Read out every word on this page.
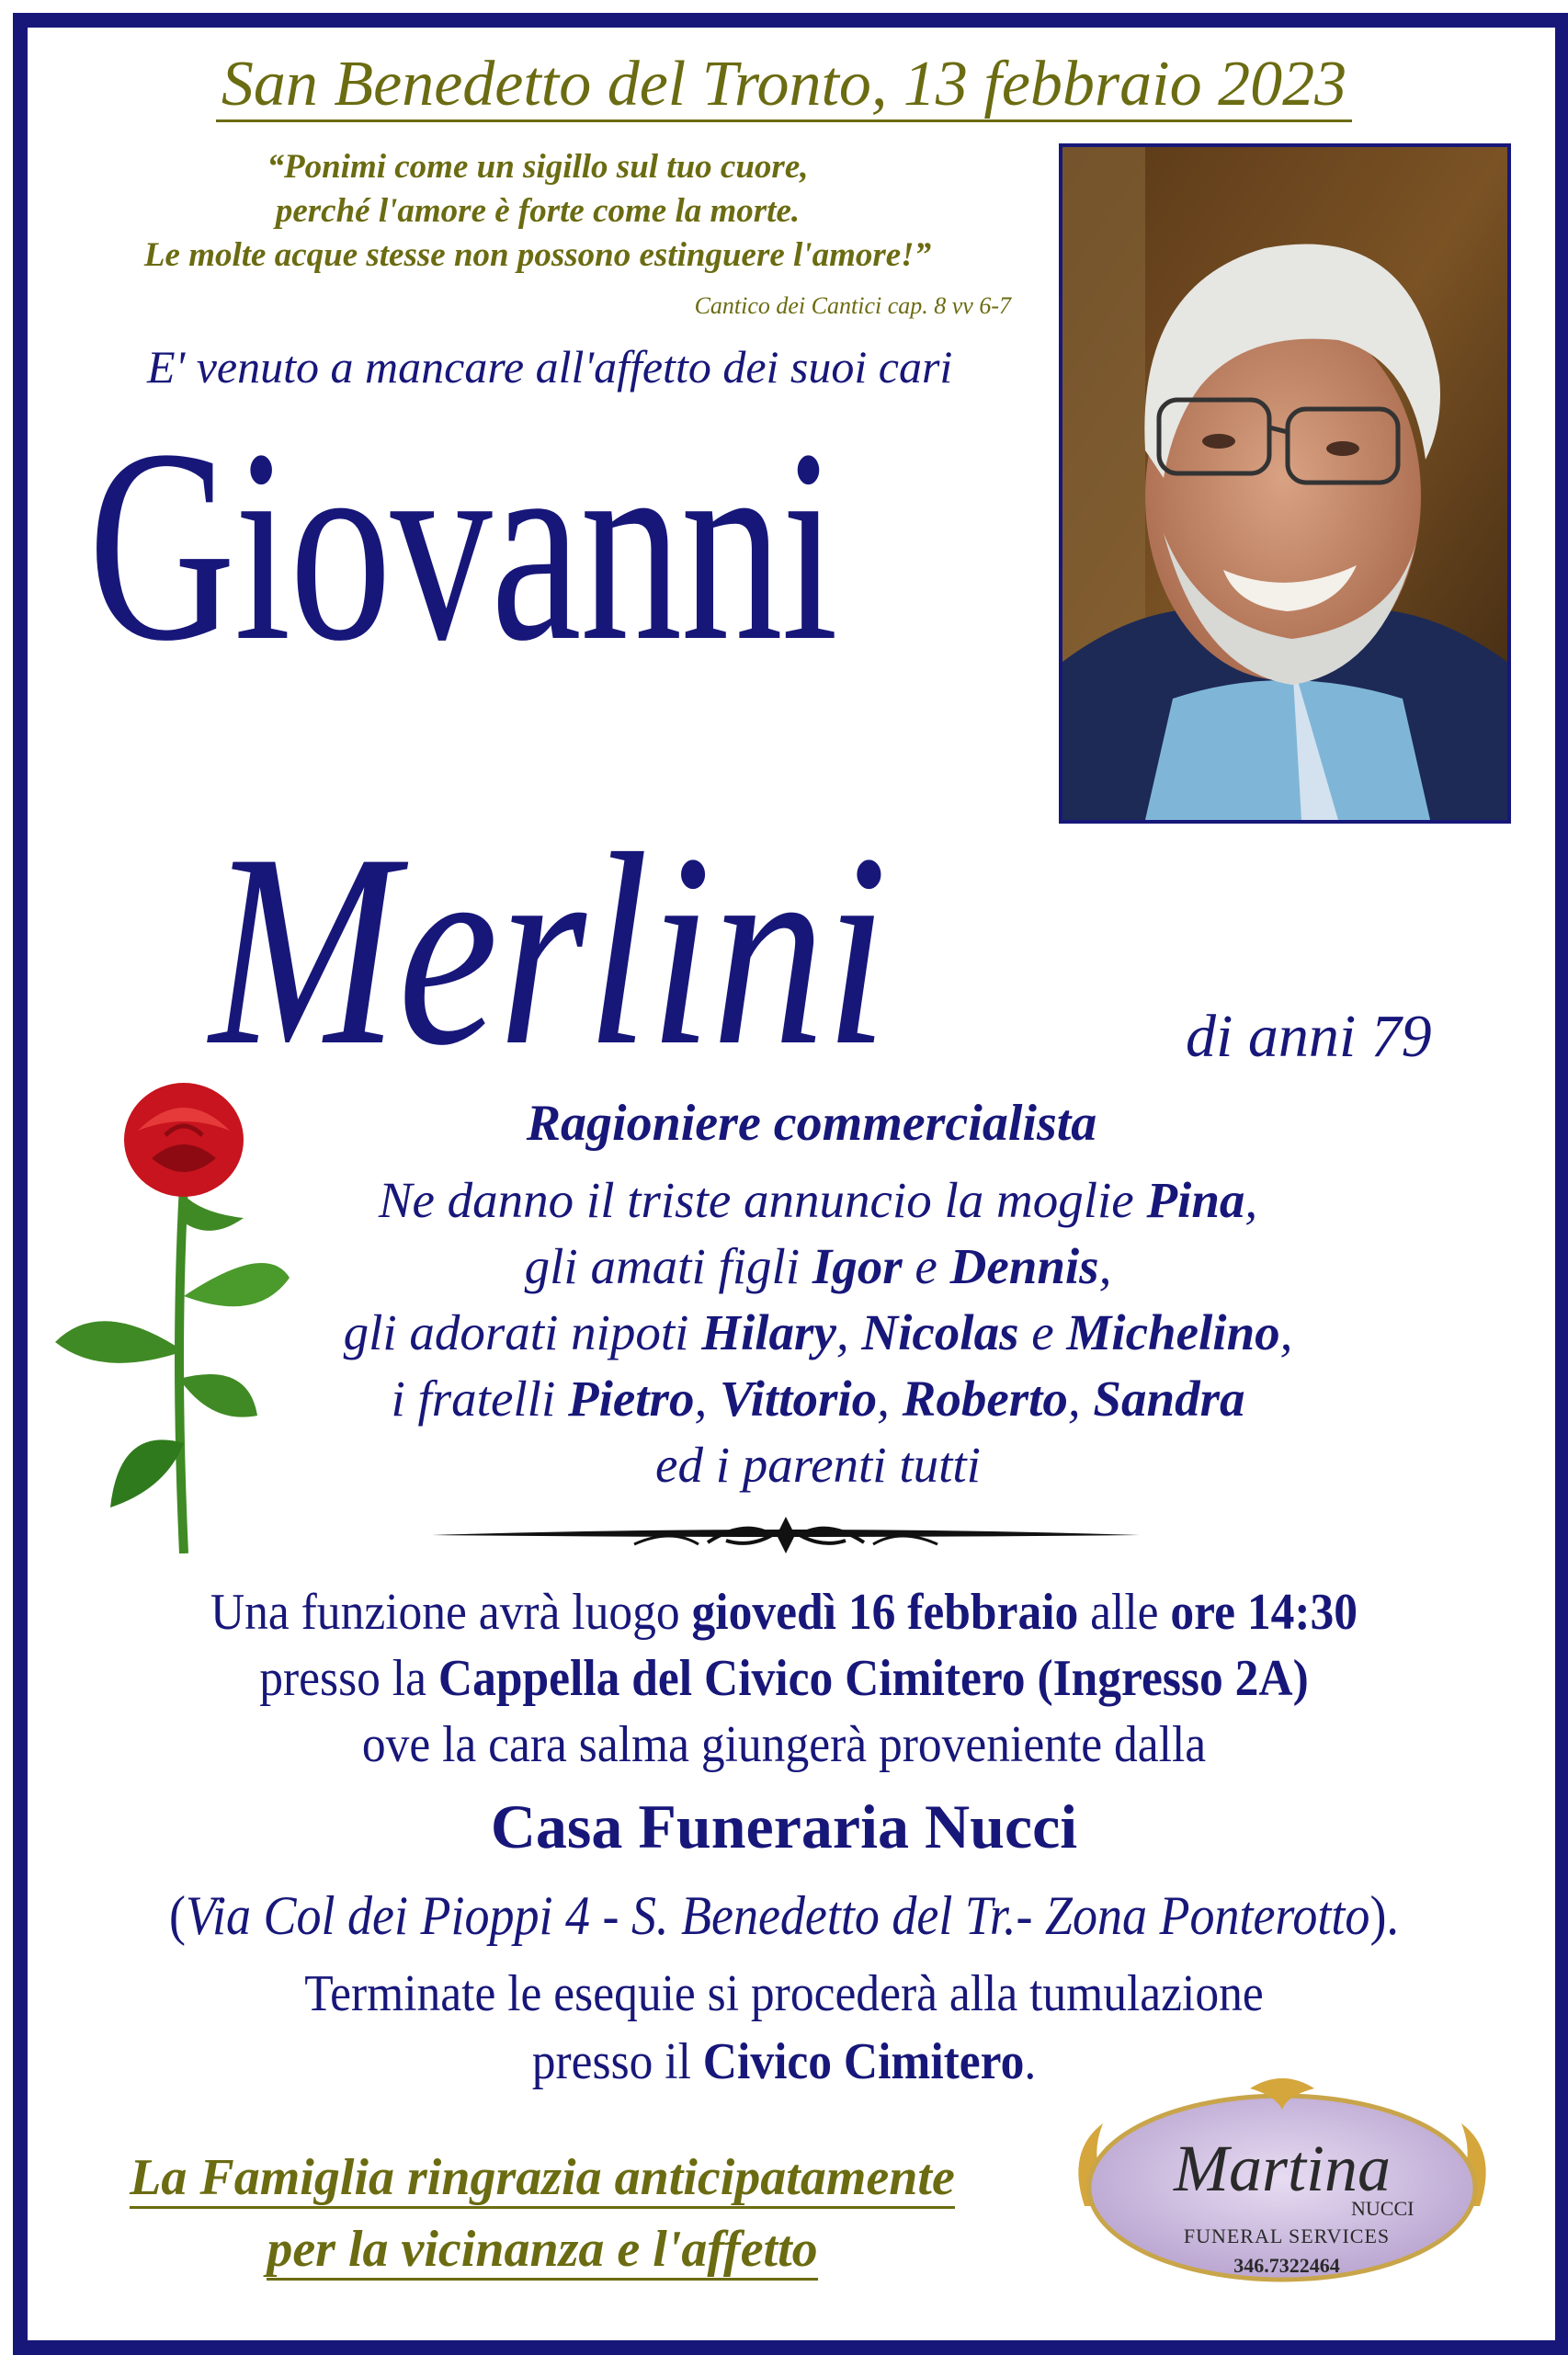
San Benedetto del Tronto, 13 febbraio 2023
“Ponimi come un sigillo sul tuo cuore,
perché l'amore è forte come la morte.
Le molte acque stesse non possono estinguere l'amore!”
Cantico dei Cantici cap. 8 vv 6-7
E' venuto a mancare all'affetto dei suoi cari
Giovanni
Merlini	di anni 79
Ragioniere commercialista
Ne danno il triste annuncio la moglie Pina,
gli amati figli Igor e Dennis,
gli adorati nipoti Hilary, Nicolas e Michelino,
i fratelli Pietro, Vittorio, Roberto, Sandra
ed i parenti tutti
Una funzione avrà luogo giovedì 16 febbraio alle ore 14:30
presso la Cappella del Civico Cimitero (Ingresso 2A)
ove la cara salma giungerà proveniente dalla
Casa Funeraria Nucci
(Via Col dei Pioppi 4 - S. Benedetto del Tr.- Zona Ponterotto).
Terminate le esequie si procederà alla tumulazione
presso il Civico Cimitero.
La Famiglia ringrazia anticipatamente
per la vicinanza e l'affetto
Martina
NUCCI
FUNERAL SERVICES
346.7322464
